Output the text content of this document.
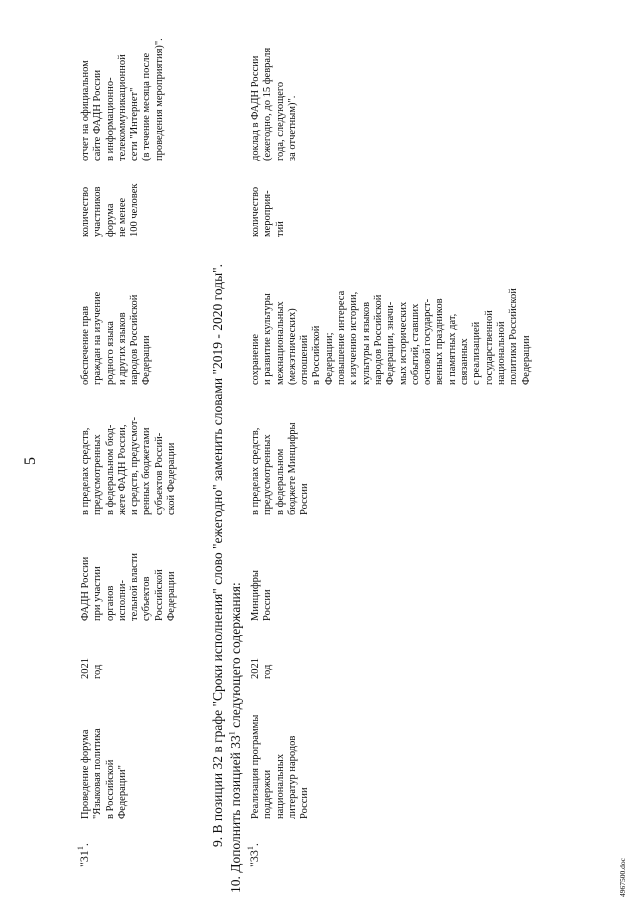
5
"$31^1$.
Проведение форума "Языковая политика в Российской Федерации"
2021 год
ФАДН России при участии органов исполни- тельной власти субъектов Российской Федерации
в пределах средств, предусмотренных в федеральном бюд- жете ФАДН России, и средств, предусмот- ренных бюджетами субъектов Россий- ской Федерации
обеспечение прав граждан на изучение родного языка и других языков народов Российской Федерации
количество участников форума не менее 100 человек
отчет на официальном сайте ФАДН России в информационно- телекоммуникационной сети "Интернет" (в течение месяца после проведения мероприятия)".
9. В позиции 32 в графе "Сроки исполнения" слово "ежегодно" заменить словами "2019 - 2020 годы". 10. Дополнить позицией $33^1$ следующего содержания:
"$33^1$.
Реализация программы поддержки национальных литератур народов России
2021 год
Минцифры России
в пределах средств, предусмотренных в федеральном бюджете Минцифры России
сохранение и развитие культуры межнациональных (межэтнических) отношений в Российской Федерации; повышение интереса к изучению истории, культуры и языков народов Российской Федерации, значи- мых исторических событий, ставших основой государст- венных праздников и памятных дат, связанных с реализацией государственной национальной политики Российской Федерации
количество мероприя- тий
доклад в ФАДН России (ежегодно, до 15 февраля года, следующего за отчетным)".
4967500.doc
